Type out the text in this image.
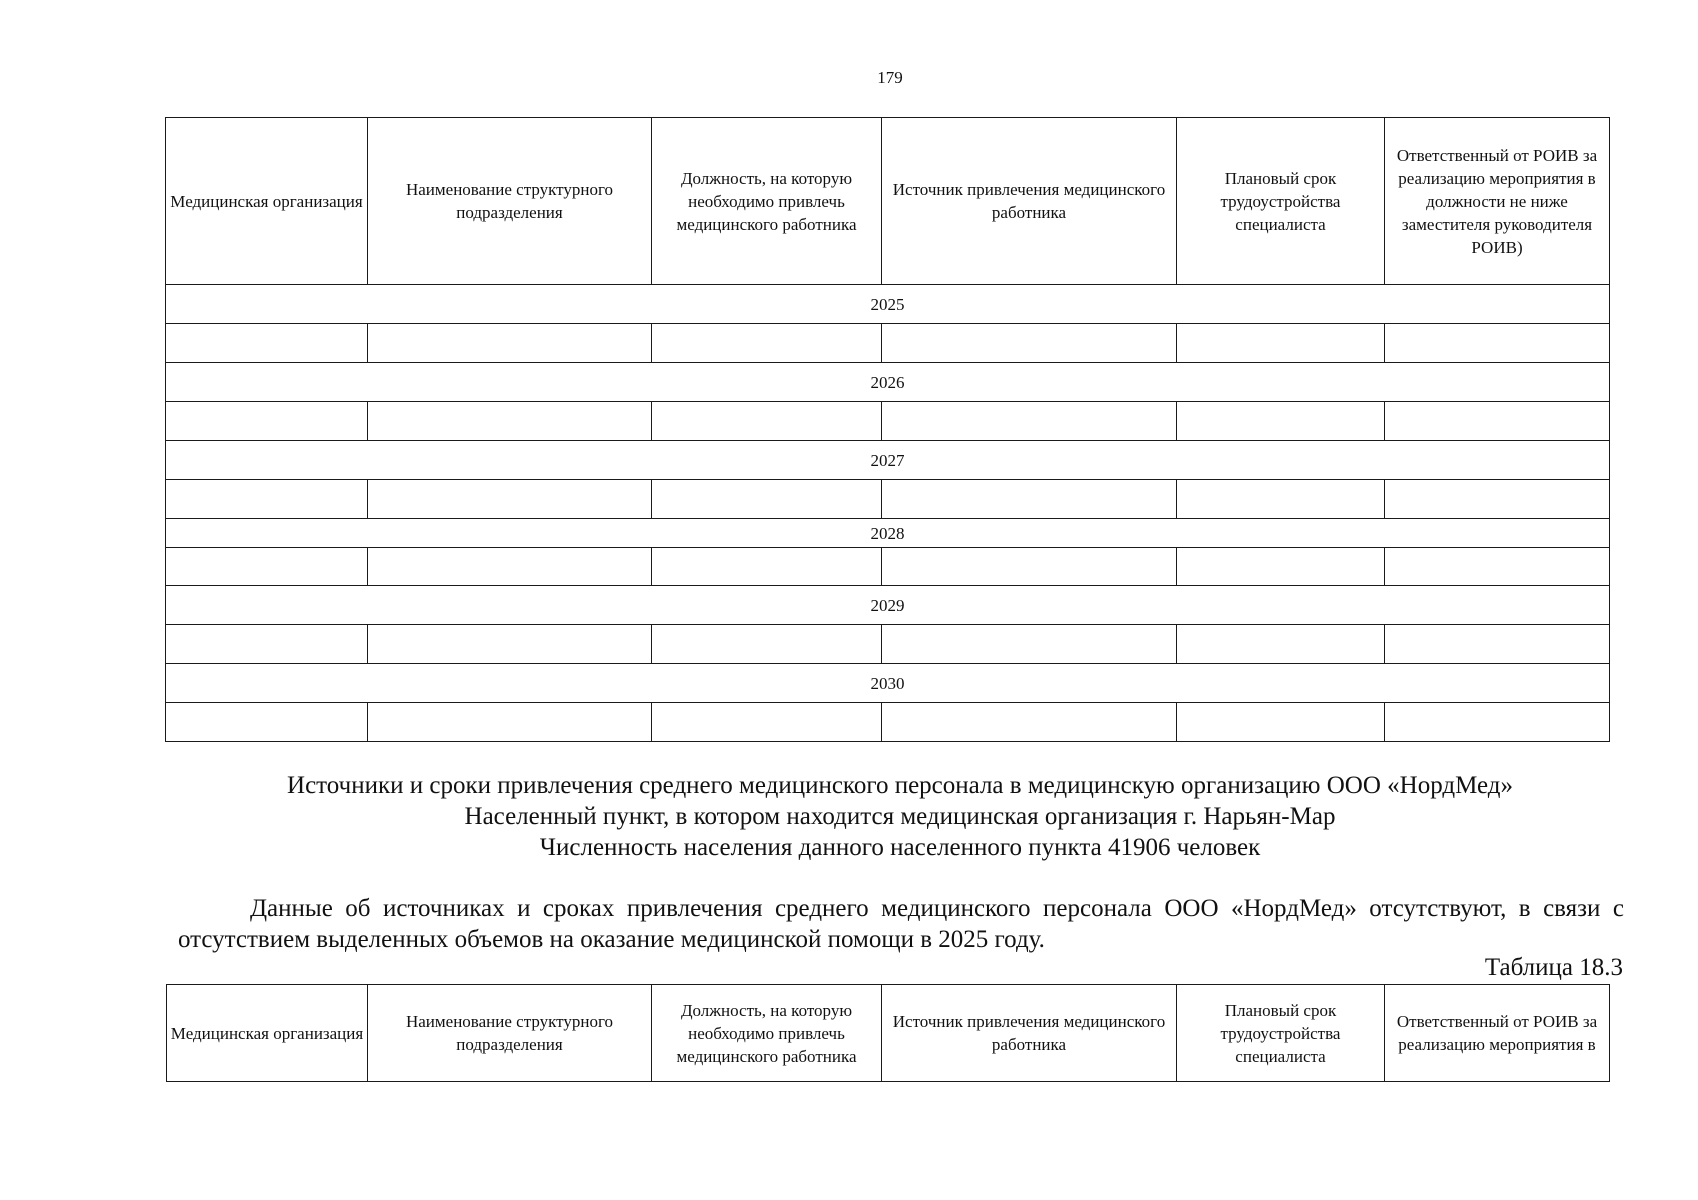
179
Медицинская организация	Наименование структурного подразделения	Должность, на которую необходимо привлечь медицинского работника	Источник привлечения медицинского работника	Плановый срок трудоустройства специалиста	Ответственный от РОИВ за реализацию мероприятия в должности не ниже заместителя руководителя РОИВ)
2025					

2026					

2027					

2028					

2029					

2030					

Источники и сроки привлечения среднего медицинского персонала в медицинскую организацию ООО «НордМед»
Населенный пункт, в котором находится медицинская организация г. Нарьян-Мар
Численность населения данного населенного пункта 41906 человек
Данные об источниках и сроках привлечения среднего медицинского персонала ООО «НордМед» отсутствуют, в связи с отсутствием выделенных объемов на оказание медицинской помощи в 2025 году.
Таблица 18.3
Медицинская организация	Наименование структурного подразделения	Должность, на которую необходимо привлечь медицинского работника	Источник привлечения медицинского работника	Плановый срок трудоустройства специалиста	Ответственный от РОИВ за реализацию мероприятия в
